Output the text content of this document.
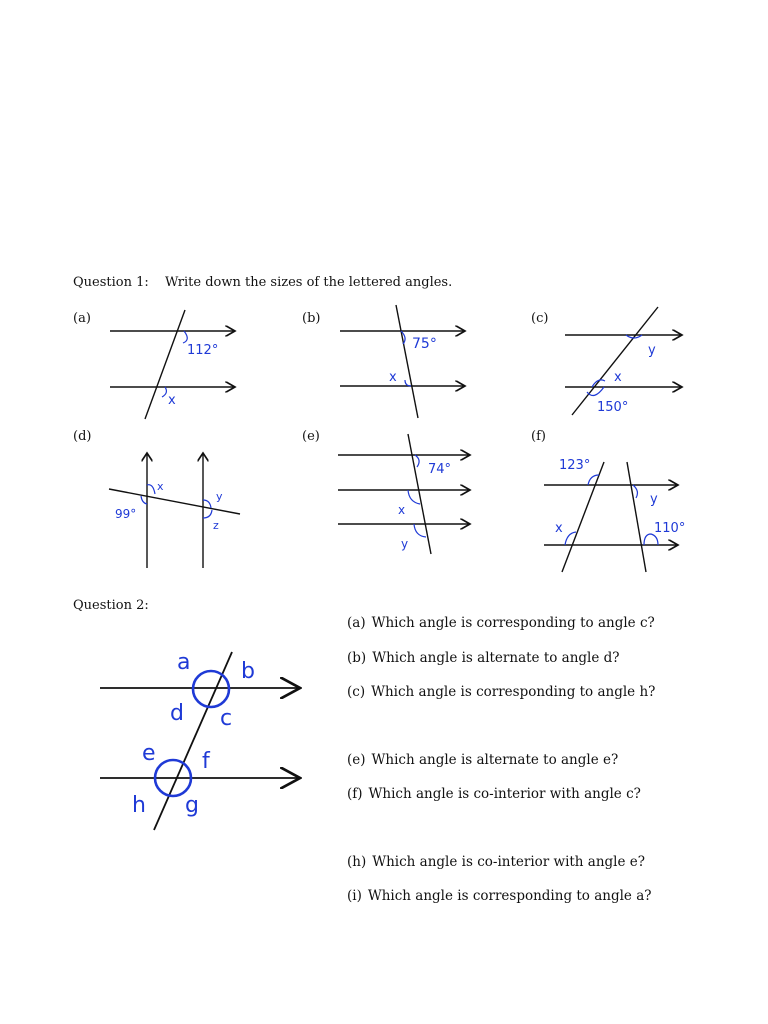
Question 1: Write down the sizes of the lettered angles.
(a)	(b)	(c)
(d)	(e)	(f)
112°
x
75°
x
y
x
150°
x
99°
y
z
74°
x
y
123°
y
x	110°
Question 2:
a b
d c
e f
h g
(a) Which angle is corresponding to angle c?
(b) Which angle is alternate to angle d?
(c) Which angle is corresponding to angle h?
(e) Which angle is alternate to angle e?
(f) Which angle is co-interior with angle c?
(h) Which angle is co-interior with angle e?
(i) Which angle is corresponding to angle a?
